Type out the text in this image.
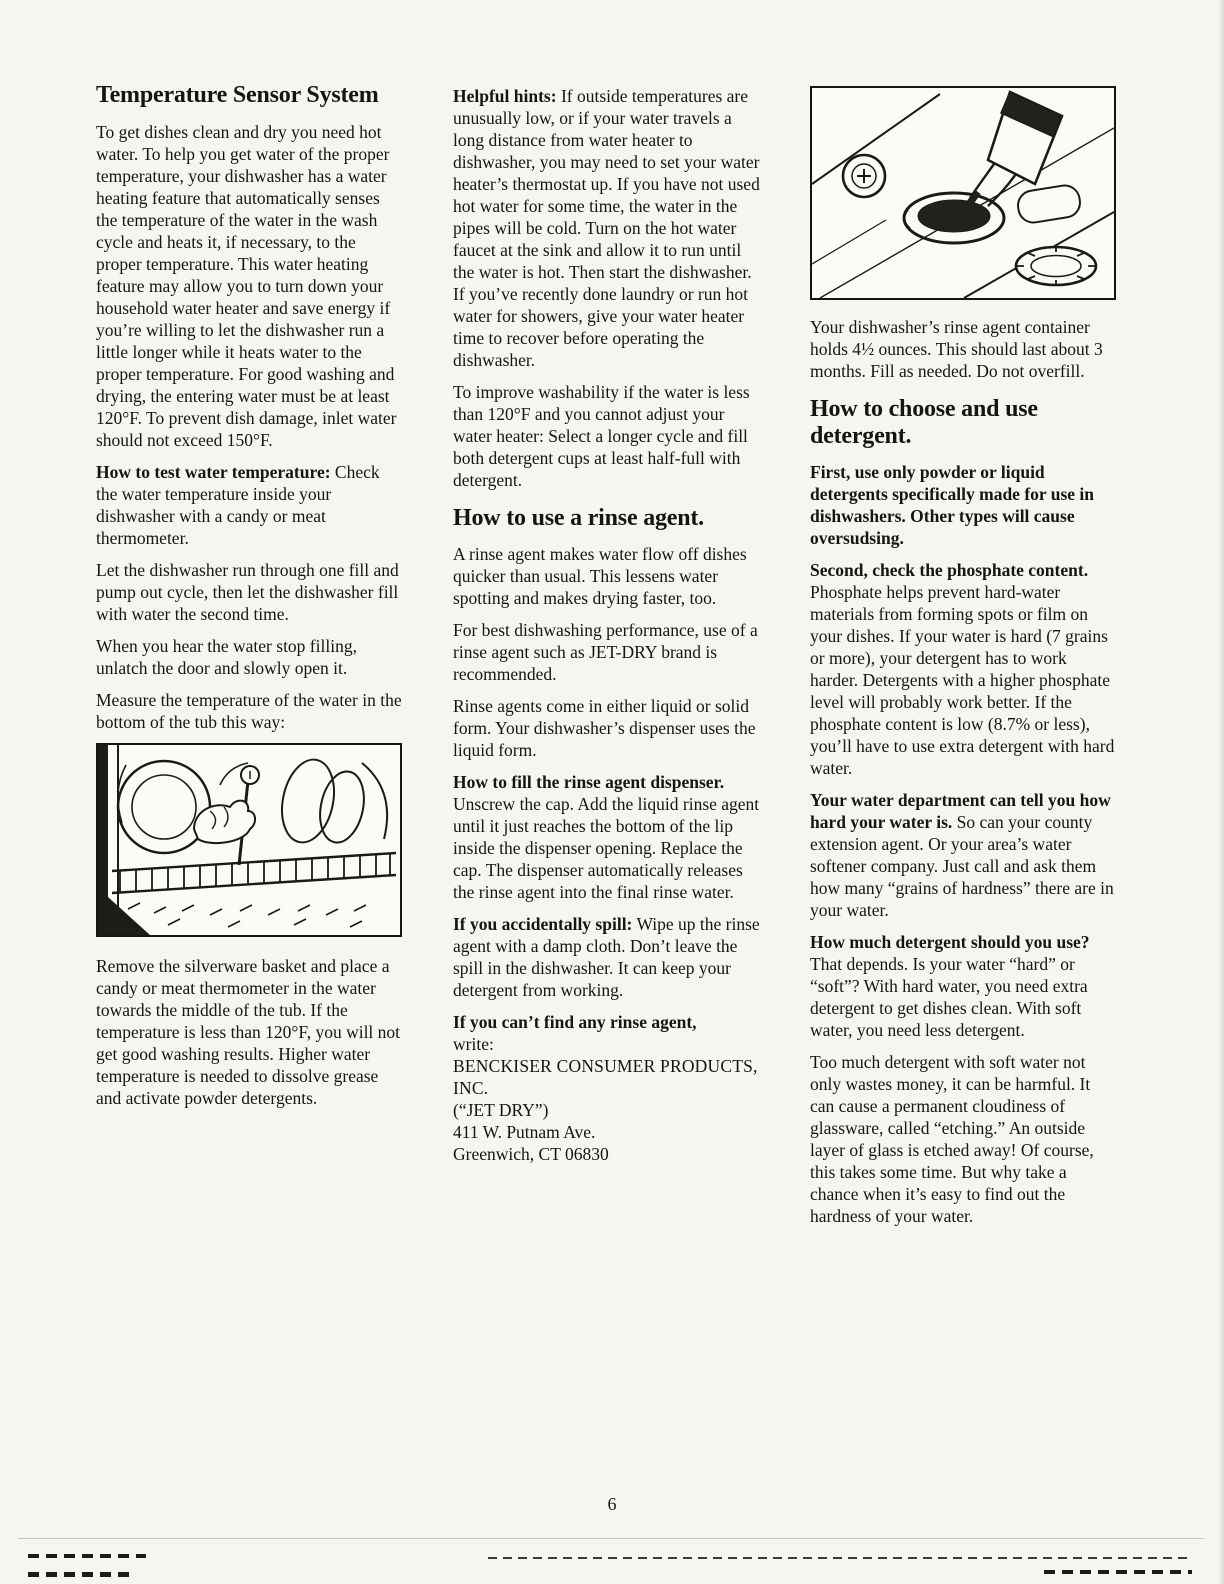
Temperature Sensor System

To get dishes clean and dry you need hot water. To help you get water of the proper temperature, your dishwasher has a water heating feature that automatically senses the temperature of the water in the wash cycle and heats it, if necessary, to the proper temperature. This water heating feature may allow you to turn down your household water heater and save energy if you’re willing to let the dishwasher run a little longer while it heats water to the proper temperature. For good washing and drying, the entering water must be at least 120°F. To prevent dish damage, inlet water should not exceed 150°F.

How to test water temperature: Check the water temperature inside your dishwasher with a candy or meat thermometer.

Let the dishwasher run through one fill and pump out cycle, then let the dishwasher fill with water the second time.

When you hear the water stop filling, unlatch the door and slowly open it.

Measure the temperature of the water in the bottom of the tub this way:

Remove the silverware basket and place a candy or meat thermometer in the water towards the middle of the tub. If the temperature is less than 120°F, you will not get good washing results. Higher water temperature is needed to dissolve grease and activate powder detergents.

Helpful hints: If outside temperatures are unusually low, or if your water travels a long distance from water heater to dishwasher, you may need to set your water heater’s thermostat up. If you have not used hot water for some time, the water in the pipes will be cold. Turn on the hot water faucet at the sink and allow it to run until the water is hot. Then start the dishwasher. If you’ve recently done laundry or run hot water for showers, give your water heater time to recover before operating the dishwasher.

To improve washability if the water is less than 120°F and you cannot adjust your water heater: Select a longer cycle and fill both detergent cups at least half-full with detergent.

How to use a rinse agent.

A rinse agent makes water flow off dishes quicker than usual. This lessens water spotting and makes drying faster, too.

For best dishwashing performance, use of a rinse agent such as JET-DRY brand is recommended.

Rinse agents come in either liquid or solid form. Your dishwasher’s dispenser uses the liquid form.

How to fill the rinse agent dispenser. Unscrew the cap. Add the liquid rinse agent until it just reaches the bottom of the lip inside the dispenser opening. Replace the cap. The dispenser automatically releases the rinse agent into the final rinse water.

If you accidentally spill: Wipe up the rinse agent with a damp cloth. Don’t leave the spill in the dishwasher. It can keep your detergent from working.

If you can’t find any rinse agent,
write:

BENCKISER CONSUMER PRODUCTS, INC.

(“JET DRY”)

411 W. Putnam Ave.

Greenwich, CT 06830

Your dishwasher’s rinse agent container holds 4½ ounces. This should last about 3 months. Fill as needed. Do not overfill.

How to choose and use detergent.

First, use only powder or liquid detergents specifically made for use in dishwashers. Other types will cause oversudsing.

Second, check the phosphate content. Phosphate helps prevent hard-water materials from forming spots or film on your dishes. If your water is hard (7 grains or more), your detergent has to work harder. Detergents with a higher phosphate level will probably work better. If the phosphate content is low (8.7% or less), you’ll have to use extra detergent with hard water.

Your water department can tell you how hard your water is. So can your county extension agent. Or your area’s water softener company. Just call and ask them how many “grains of hardness” there are in your water.

How much detergent should you use? That depends. Is your water “hard” or “soft”? With hard water, you need extra detergent to get dishes clean. With soft water, you need less detergent.

Too much detergent with soft water not only wastes money, it can be harmful. It can cause a permanent cloudiness of glassware, called “etching.” An outside layer of glass is etched away! Of course, this takes some time. But why take a chance when it’s easy to find out the hardness of your water.

6
